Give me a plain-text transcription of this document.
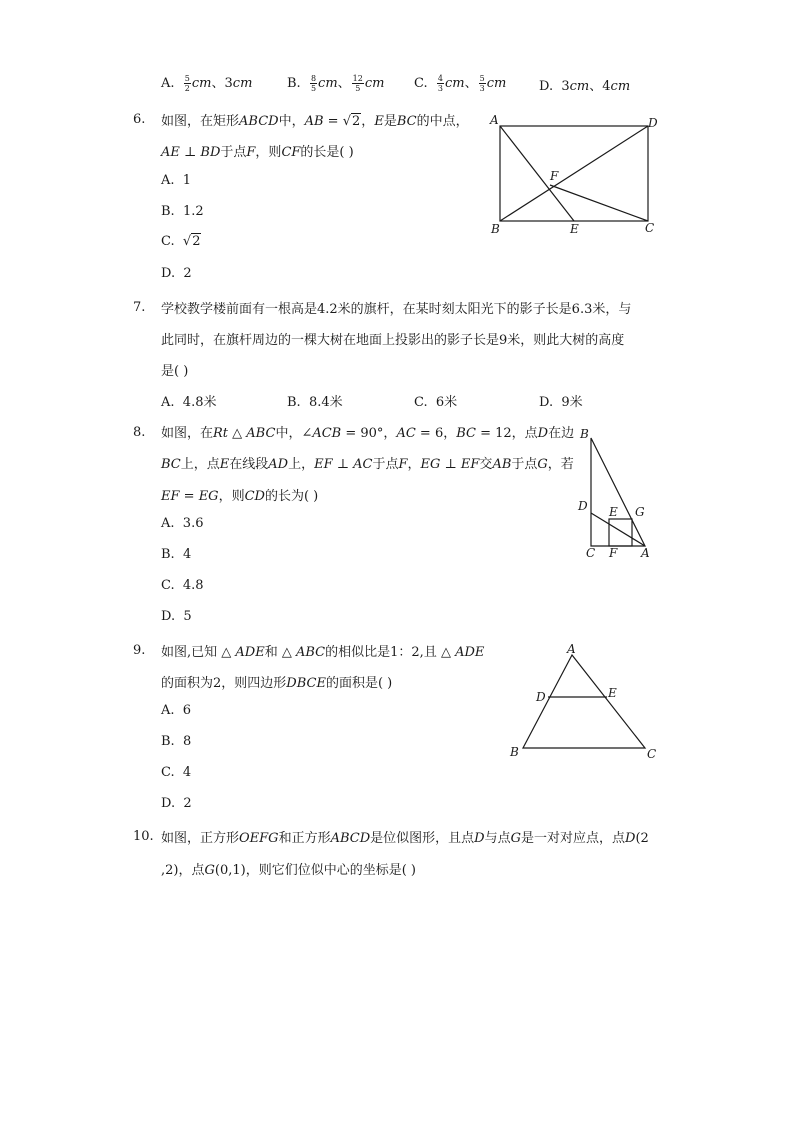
A. $\frac{5}{2}$ cm、3cm	B. $\frac{8}{5}$ cm、 $\frac{12}{5}$ cm C. $\frac{4}{3}$ cm、 $\frac{5}{3}$ cm	D. 3cm、4cm
6. 如图，在矩形ABCD中，AB = √2，E是BC的中点，
AE ⊥ BD于点F，则CF的长是( )
A. 1
B. 1.2
C. √2
D. 2
A	D
B	E	C
F
7. 学校教学楼前面有一根高是4.2米的旗杆，在某时刻太阳光下的影子长是6.3米，与
此同时，在旗杆周边的一棵大树在地面上投影出的影子长是9米，则此大树的高度
是( )
A. 4.8米	B. 8.4米	C. 6米	D. 9米
8. 如图，在Rt △ ABC中，∠ACB = 90°，AC = 6，BC = 12，点D在边
BC上，点E在线段AD上，EF ⊥ AC于点F，EG ⊥ EF交AB于点G，若
EF = EG，则CD的长为( )
A. 3.6
B. 4
C. 4.8
D. 5
B
D E G
C F A
9. 如图,已知 △ ADE和 △ ABC的相似比是1：2,且 △ ADE
的面积为2，则四边形DBCE的面积是( )
A. 6
B. 8
C. 4
D. 2
A
D	E
B	C
10. 如图，正方形OEFG和正方形ABCD是位似图形，且点D与点G是一对对应点，点D(2
,2)，点G(0,1)，则它们位似中心的坐标是( )
